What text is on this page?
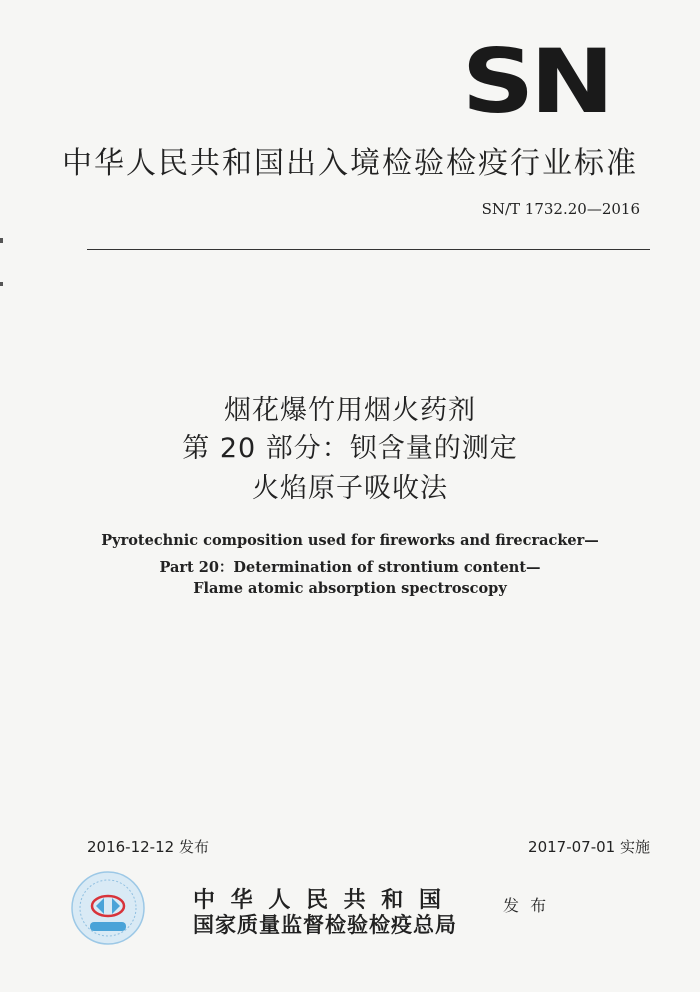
SN
中华人民共和国出入境检验检疫行业标准
SN/T 1732.20—2016
烟花爆竹用烟火药剂
第 20 部分：钡含量的测定
火焰原子吸收法
Pyrotechnic composition used for fireworks and firecracker—
Part 20：Determination of strontium content—
Flame atomic absorption spectroscopy
2016-12-12 发布	2017-07-01 实施
中 华 人 民 共 和 国
国家质量监督检验检疫总局
发 布
